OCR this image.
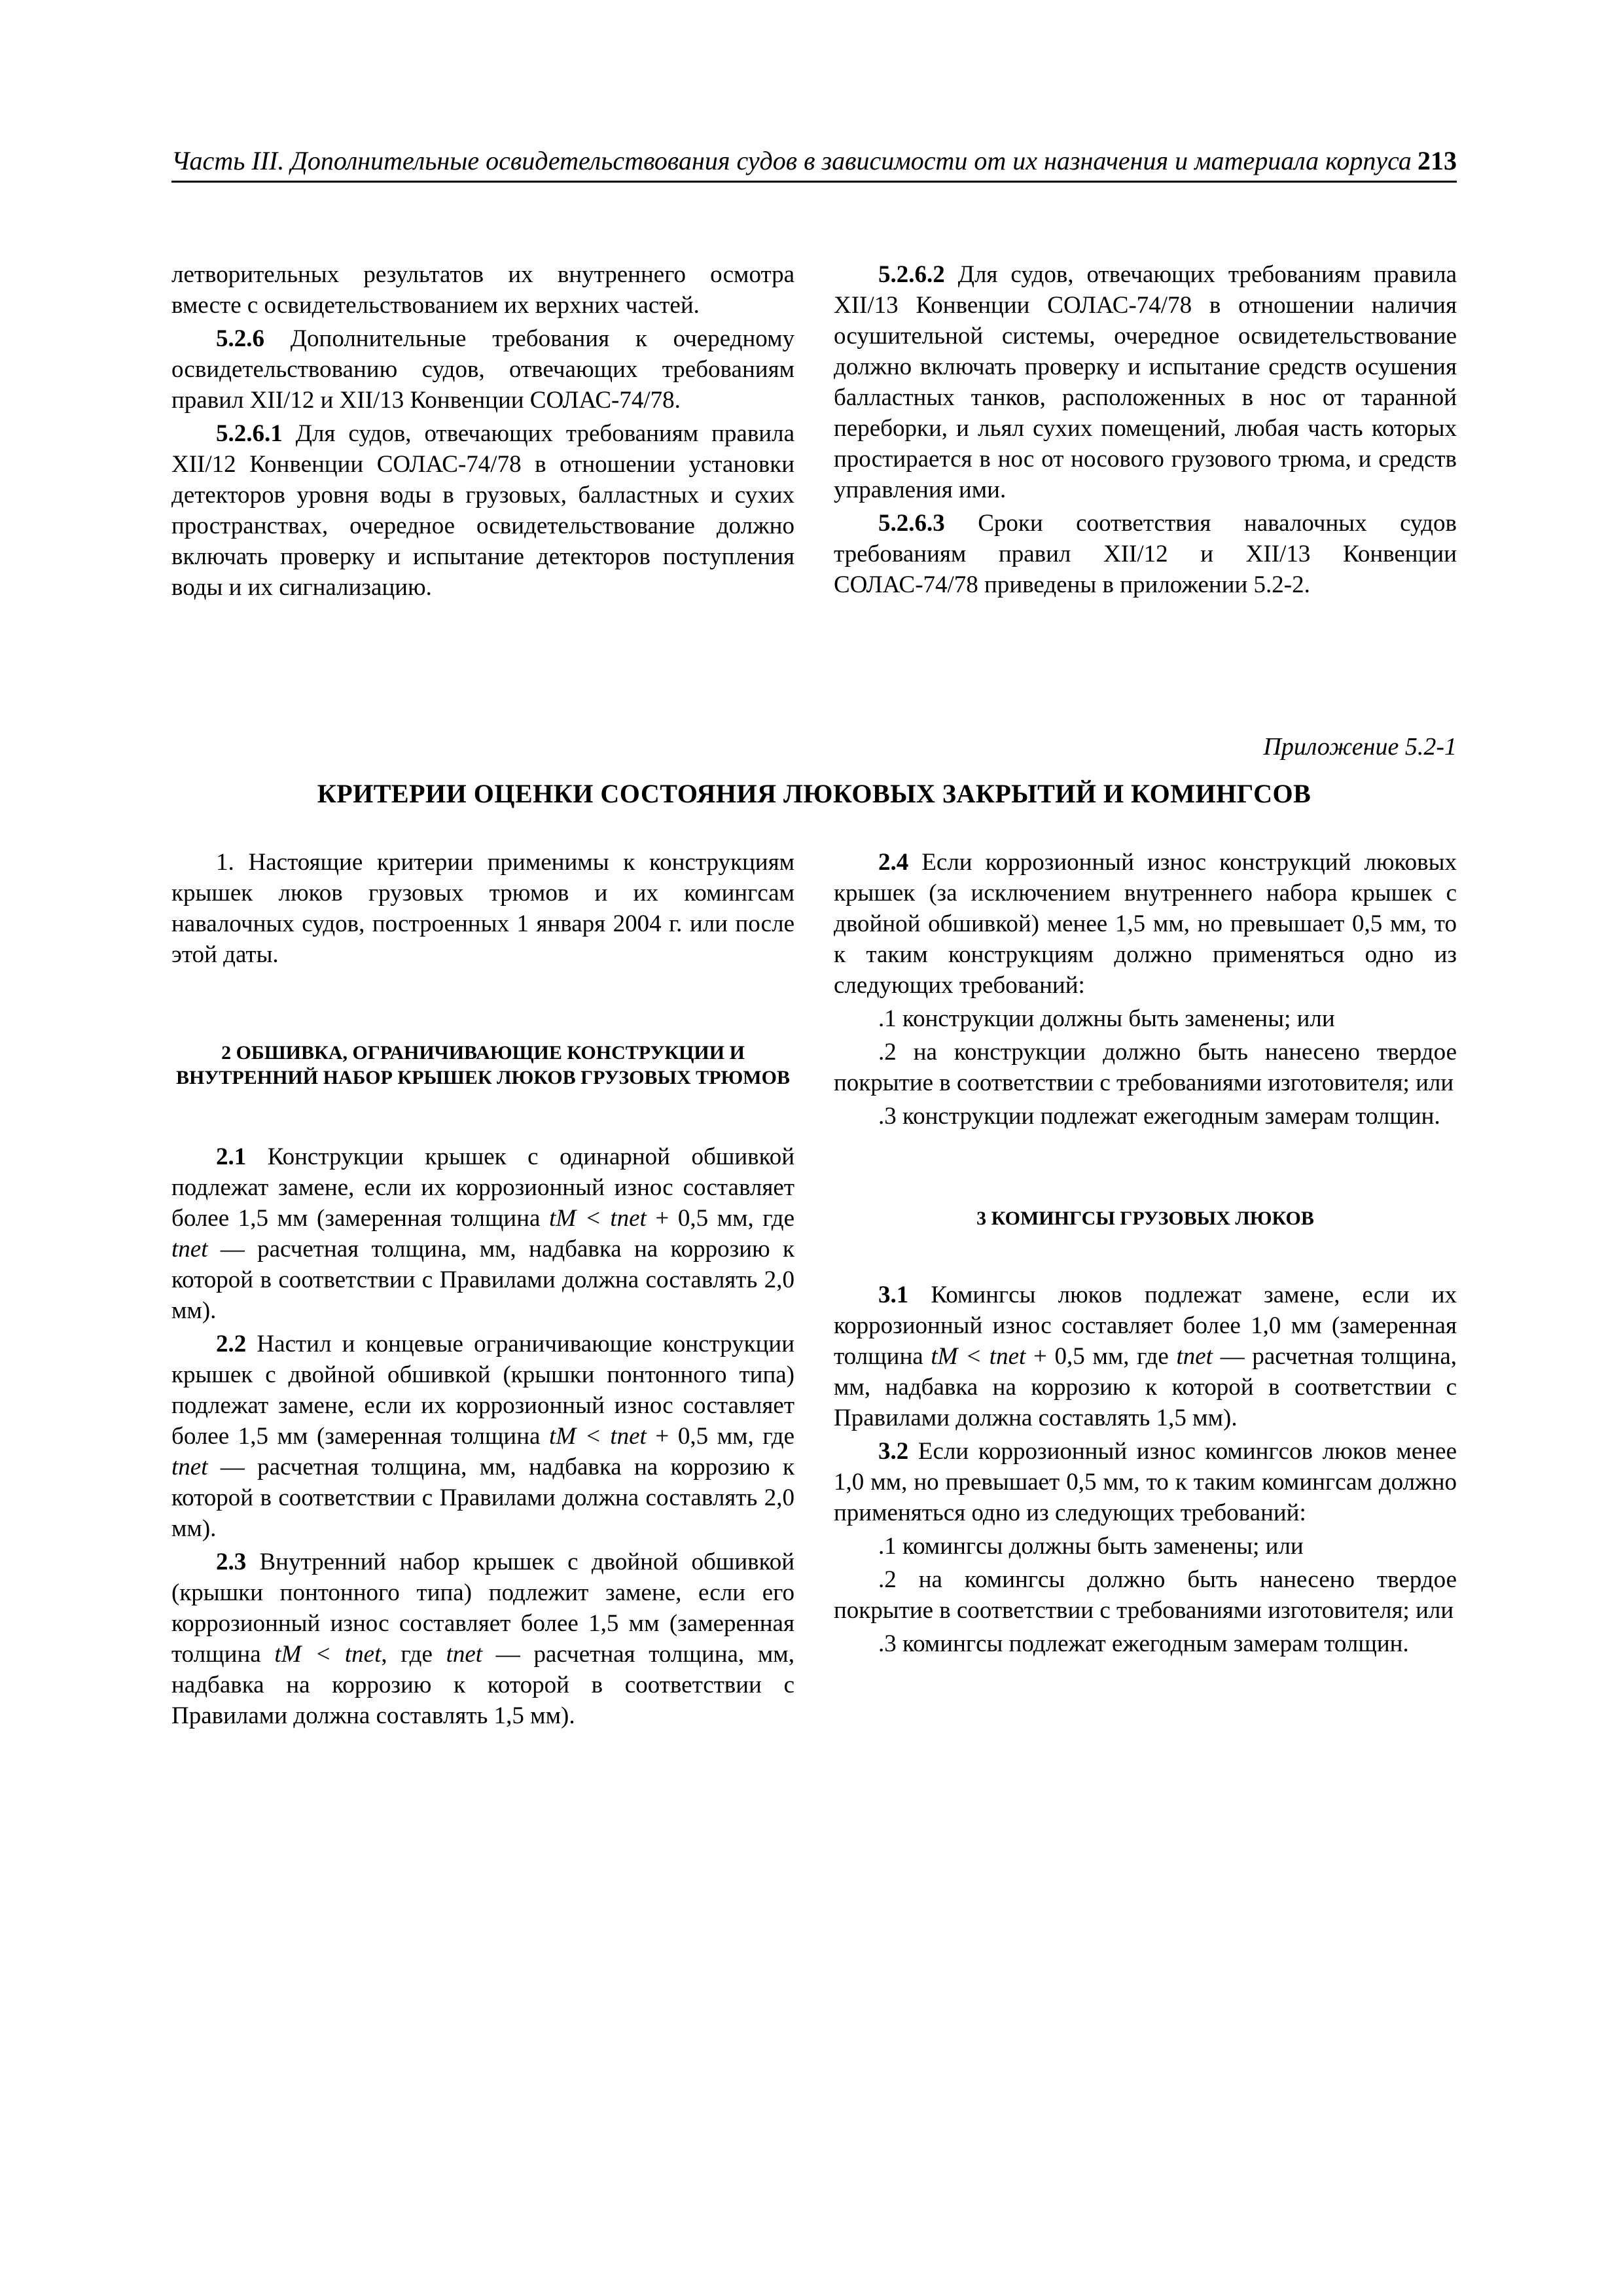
Часть III. Дополнительные освидетельствования судов в зависимости от их назначения и материала корпуса 213

летворительных результатов их внутреннего осмотра вместе с освидетельствованием их верхних частей.

5.2.6 Дополнительные требования к очередному освидетельствованию судов, отвечающих требованиям правил ХII/12 и ХII/13 Конвенции СОЛАС-74/78.

5.2.6.1 Для судов, отвечающих требованиям правила ХII/12 Конвенции СОЛАС-74/78 в отношении установки детекторов уровня воды в грузовых, балластных и сухих пространствах, очередное освидетельствование должно включать проверку и испытание детекторов поступления воды и их сигнализацию.

5.2.6.2 Для судов, отвечающих требованиям правила ХII/13 Конвенции СОЛАС-74/78 в отношении наличия осушительной системы, очередное освидетельствование должно включать проверку и испытание средств осушения балластных танков, расположенных в нос от таранной переборки, и льял сухих помещений, любая часть которых простирается в нос от носового грузового трюма, и средств управления ими.

5.2.6.3 Сроки соответствия навалочных судов требованиям правил ХII/12 и ХII/13 Конвенции СОЛАС-74/78 приведены в приложении 5.2-2.

Приложение 5.2-1
КРИТЕРИИ ОЦЕНКИ СОСТОЯНИЯ ЛЮКОВЫХ ЗАКРЫТИЙ И КОМИНГСОВ

1. Настоящие критерии применимы к конструкциям крышек люков грузовых трюмов и их комингсам навалочных судов, построенных 1 января 2004 г. или после этой даты.

2 ОБШИВКА, ОГРАНИЧИВАЮЩИЕ КОНСТРУКЦИИ И ВНУТРЕННИЙ НАБОР КРЫШЕК ЛЮКОВ ГРУЗОВЫХ ТРЮМОВ

2.1 Конструкции крышек с одинарной обшивкой подлежат замене, если их коррозионный износ составляет более 1,5 мм (замеренная толщина tM < tnet + 0,5 мм, где tnet — расчетная толщина, мм, надбавка на коррозию к которой в соответствии с Правилами должна составлять 2,0 мм).

2.2 Настил и концевые ограничивающие конструкции крышек с двойной обшивкой (крышки понтонного типа) подлежат замене, если их коррозионный износ составляет более 1,5 мм (замеренная толщина tM < tnet + 0,5 мм, где tnet — расчетная толщина, мм, надбавка на коррозию к которой в соответствии с Правилами должна составлять 2,0 мм).

2.3 Внутренний набор крышек с двойной обшивкой (крышки понтонного типа) подлежит замене, если его коррозионный износ составляет более 1,5 мм (замеренная толщина tM < tnet, где tnet — расчетная толщина, мм, надбавка на коррозию к которой в соответствии с Правилами должна составлять 1,5 мм).

2.4 Если коррозионный износ конструкций люковых крышек (за исключением внутреннего набора крышек с двойной обшивкой) менее 1,5 мм, но превышает 0,5 мм, то к таким конструкциям должно применяться одно из следующих требований:

.1 конструкции должны быть заменены; или

.2 на конструкции должно быть нанесено твердое покрытие в соответствии с требованиями изготовителя; или

.3 конструкции подлежат ежегодным замерам толщин.

3 КОМИНГСЫ ГРУЗОВЫХ ЛЮКОВ

3.1 Комингсы люков подлежат замене, если их коррозионный износ составляет более 1,0 мм (замеренная толщина tM < tnet + 0,5 мм, где tnet — расчетная толщина, мм, надбавка на коррозию к которой в соответствии с Правилами должна составлять 1,5 мм).

3.2 Если коррозионный износ комингсов люков менее 1,0 мм, но превышает 0,5 мм, то к таким комингсам должно применяться одно из следующих требований:

.1 комингсы должны быть заменены; или

.2 на комингсы должно быть нанесено твердое покрытие в соответствии с требованиями изготовителя; или

.3 комингсы подлежат ежегодным замерам толщин.
